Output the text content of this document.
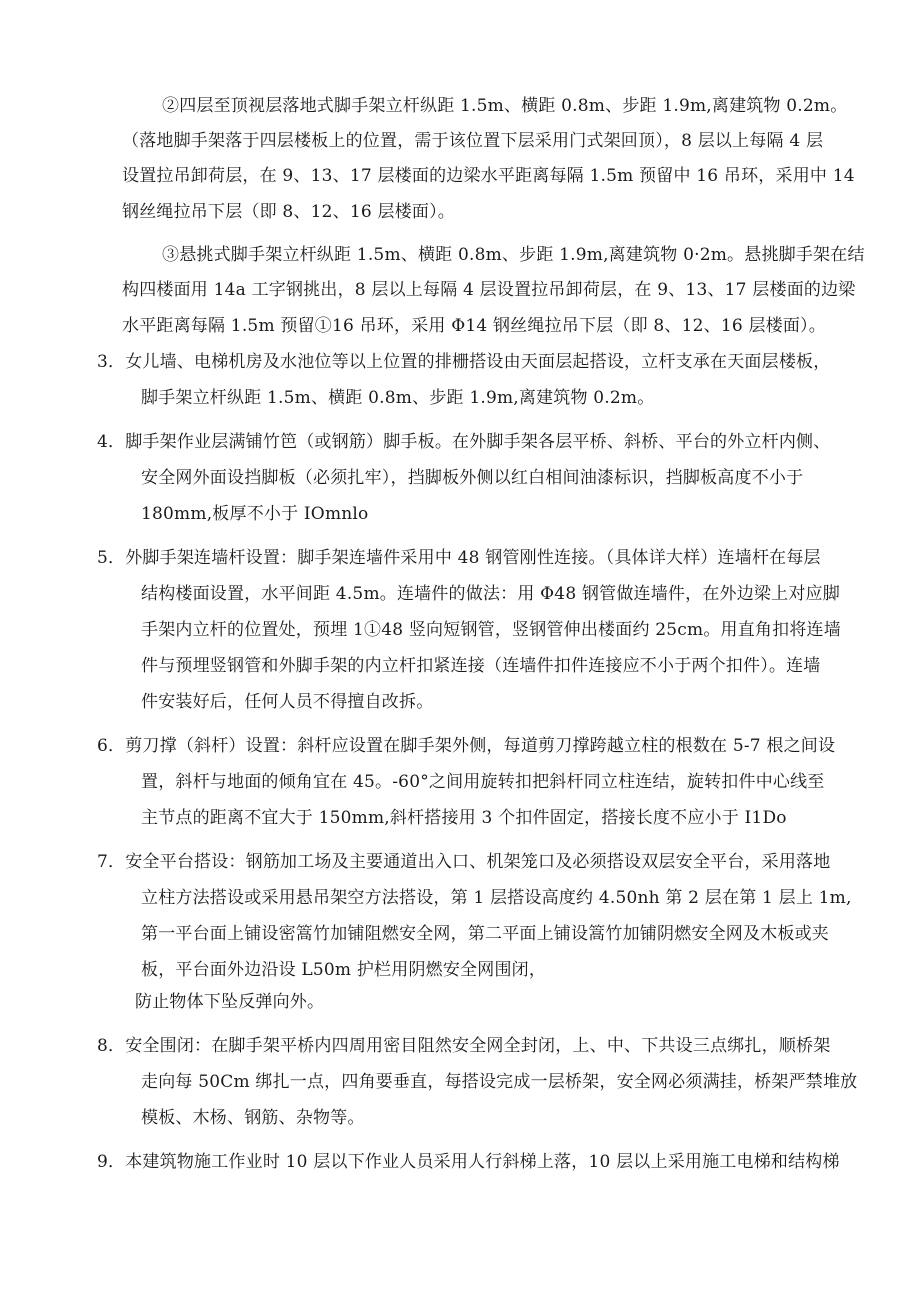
②四层至顶视层落地式脚手架立杆纵距 1.5m、横距 0.8m、步距 1.9m,离建筑物 0.2m。

（落地脚手架落于四层楼板上的位置，需于该位置下层采用门式架回顶），8 层以上每隔 4 层

设置拉吊卸荷层，在 9、13、17 层楼面的边梁水平距离每隔 1.5m 预留中 16 吊环，采用中 14

钢丝绳拉吊下层（即 8、12、16 层楼面）。

③悬挑式脚手架立杆纵距 1.5m、横距 0.8m、步距 1.9m,离建筑物 0·2m。悬挑脚手架在结

构四楼面用 14a 工字钢挑出，8 层以上每隔 4 层设置拉吊卸荷层，在 9、13、17 层楼面的边梁

水平距离每隔 1.5m 预留①16 吊环，采用 Φ14 钢丝绳拉吊下层（即 8、12、16 层楼面）。

3．女儿墙、电梯机房及水池位等以上位置的排栅搭设由天面层起搭设，立杆支承在天面层楼板，

脚手架立杆纵距 1.5m、横距 0.8m、步距 1.9m,离建筑物 0.2m。

4．脚手架作业层满铺竹笆（或钢筋）脚手板。在外脚手架各层平桥、斜桥、平台的外立杆内侧、

安全网外面设挡脚板（必须扎牢），挡脚板外侧以红白相间油漆标识，挡脚板高度不小于

180mm,板厚不小于 IOmnlo

5．外脚手架连墙杆设置：脚手架连墙件采用中 48 钢管刚性连接。（具体详大样）连墙杆在每层

结构楼面设置，水平间距 4.5m。连墙件的做法：用 Φ48 钢管做连墙件，在外边梁上对应脚

手架内立杆的位置处，预埋 1①48 竖向短钢管，竖钢管伸出楼面约 25cm。用直角扣将连墙

件与预埋竖钢管和外脚手架的内立杆扣紧连接（连墙件扣件连接应不小于两个扣件）。连墙

件安装好后，任何人员不得擅自改拆。

6．剪刀撑（斜杆）设置：斜杆应设置在脚手架外侧，每道剪刀撑跨越立柱的根数在 5-7 根之间设

置，斜杆与地面的倾角宜在 45。-60°之间用旋转扣把斜杆同立柱连结，旋转扣件中心线至

主节点的距离不宜大于 150mm,斜杆搭接用 3 个扣件固定，搭接长度不应小于 I1Do

7．安全平台搭设：钢筋加工场及主要通道出入口、机架笼口及必须搭设双层安全平台，采用落地

立柱方法搭设或采用悬吊架空方法搭设，第 1 层搭设高度约 4.50nh 第 2 层在第 1 层上 1m,

第一平台面上铺设密篙竹加铺阻燃安全网，第二平面上铺设篙竹加铺阴燃安全网及木板或夹

板，平台面外边沿设 L50m 护栏用阴燃安全网围闭，

防止物体下坠反弹向外。

8．安全围闭：在脚手架平桥内四周用密目阻然安全网全封闭，上、中、下共设三点绑扎，顺桥架

走向每 50Cm 绑扎一点，四角要垂直，每搭设完成一层桥架，安全网必须满挂，桥架严禁堆放

模板、木杨、钢筋、杂物等。

9．本建筑物施工作业时 10 层以下作业人员采用人行斜梯上落，10 层以上采用施工电梯和结构梯
